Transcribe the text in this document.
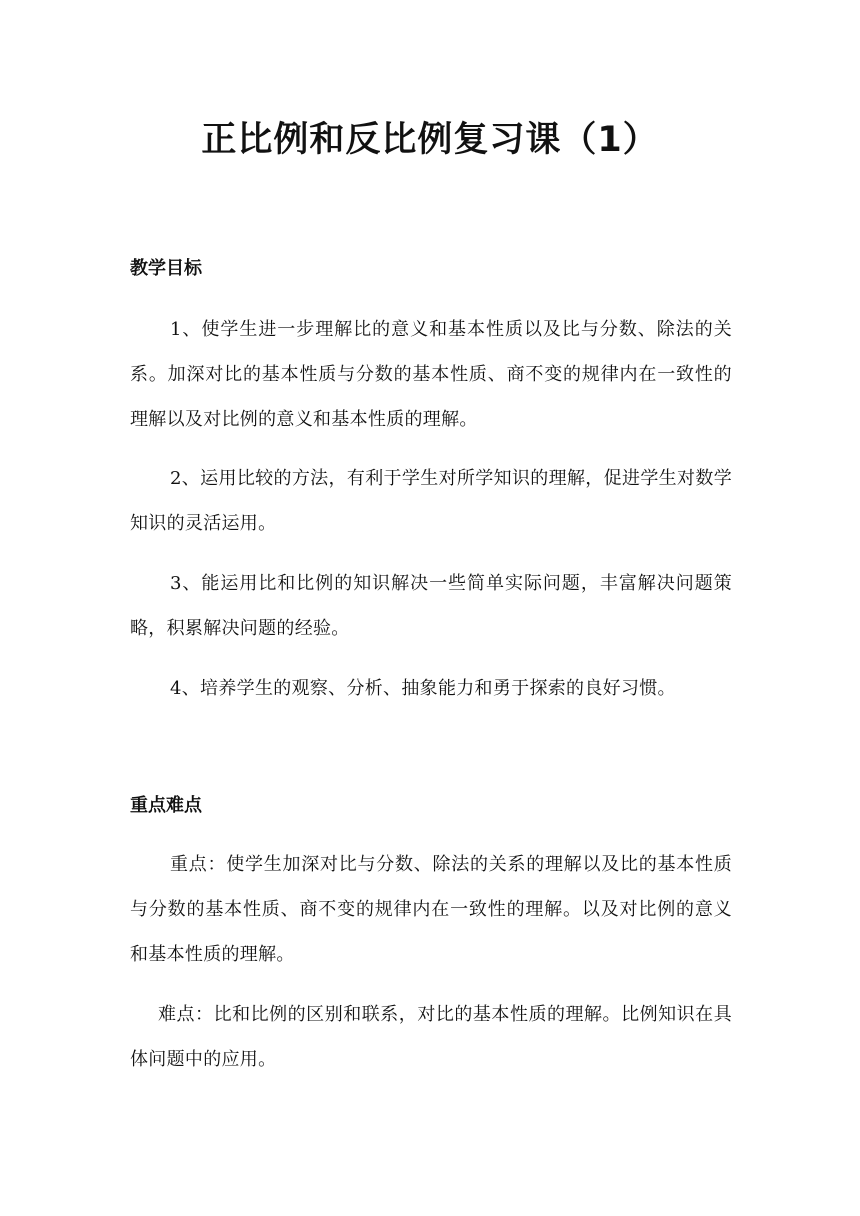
正比例和反比例复习课（1）
教学目标

1、使学生进一步理解比的意义和基本性质以及比与分数、除法的关系。加深对比的基本性质与分数的基本性质、商不变的规律内在一致性的理解以及对比例的意义和基本性质的理解。

2、运用比较的方法，有利于学生对所学知识的理解，促进学生对数学知识的灵活运用。

3、能运用比和比例的知识解决一些简单实际问题，丰富解决问题策略，积累解决问题的经验。

4、培养学生的观察、分析、抽象能力和勇于探索的良好习惯。

重点难点

重点：使学生加深对比与分数、除法的关系的理解以及比的基本性质与分数的基本性质、商不变的规律内在一致性的理解。以及对比例的意义和基本性质的理解。

难点：比和比例的区别和联系，对比的基本性质的理解。比例知识在具体问题中的应用。
